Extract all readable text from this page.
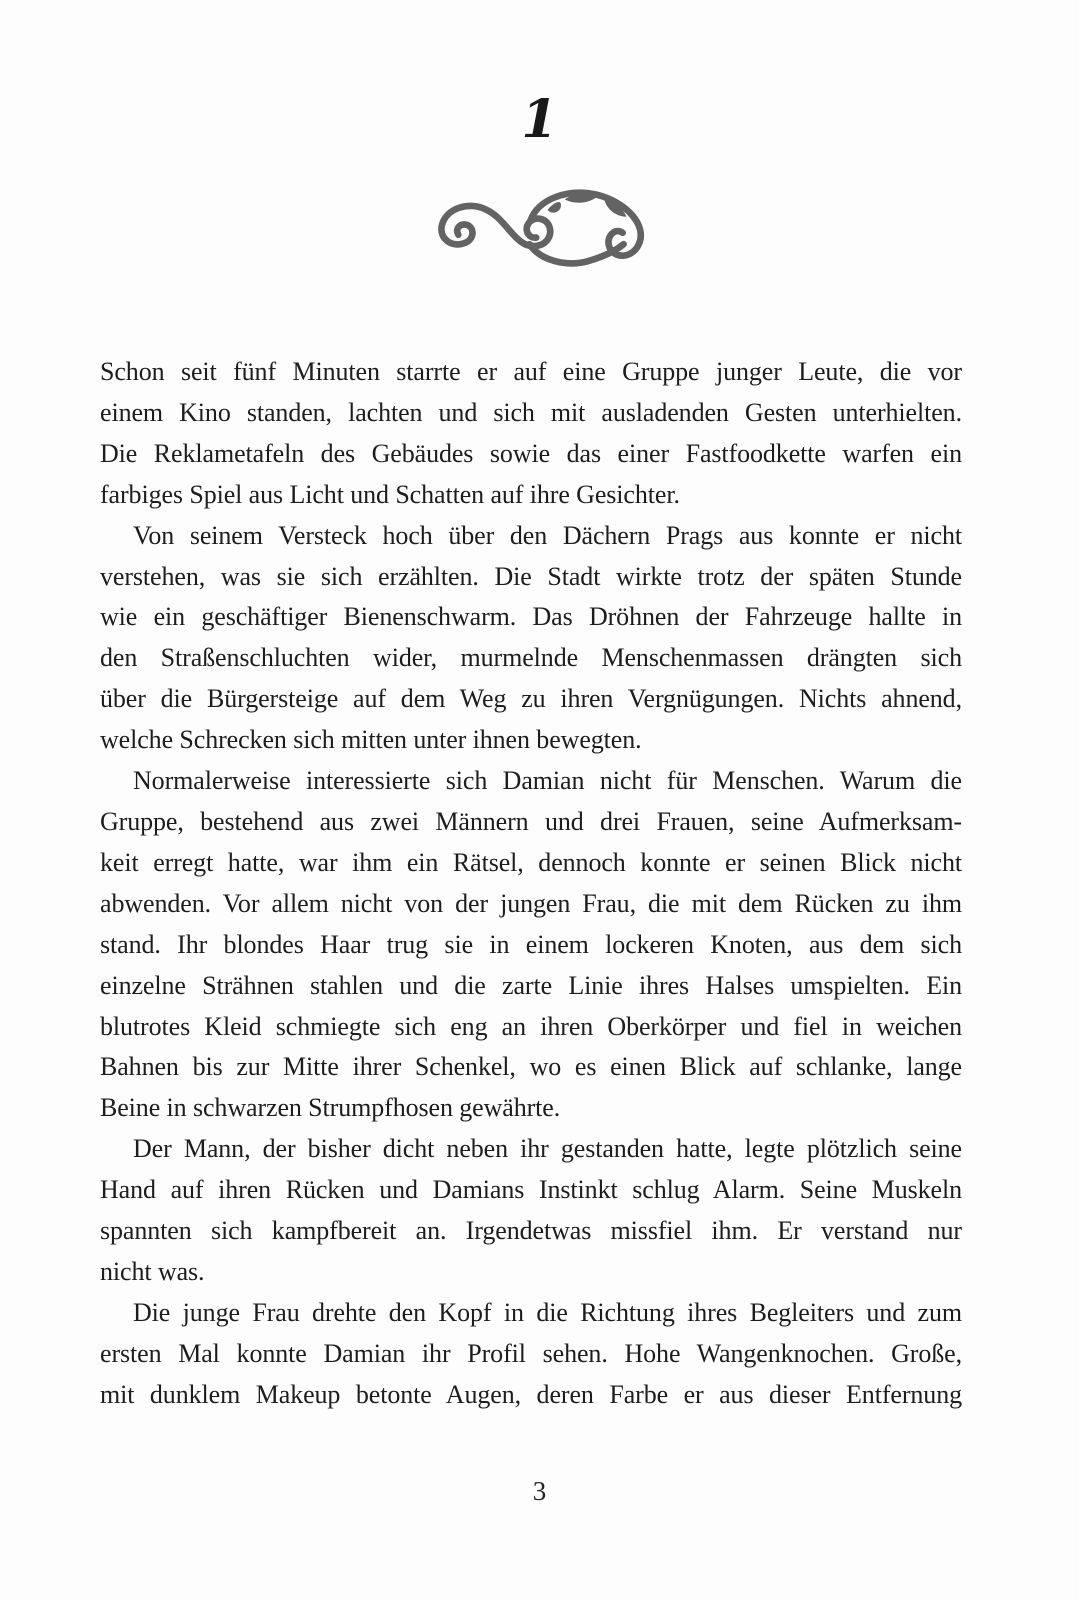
1
Schon seit fünf Minuten starrte er auf eine Gruppe junger Leute, die vor
einem Kino standen, lachten und sich mit ausladenden Gesten unterhielten.
Die Reklametafeln des Gebäudes sowie das einer Fastfoodkette warfen ein
farbiges Spiel aus Licht und Schatten auf ihre Gesichter.
Von seinem Versteck hoch über den Dächern Prags aus konnte er nicht
verstehen, was sie sich erzählten. Die Stadt wirkte trotz der späten Stunde
wie ein geschäftiger Bienenschwarm. Das Dröhnen der Fahrzeuge hallte in
den Straßenschluchten wider, murmelnde Menschenmassen drängten sich
über die Bürgersteige auf dem Weg zu ihren Vergnügungen. Nichts ahnend,
welche Schrecken sich mitten unter ihnen bewegten.
Normalerweise interessierte sich Damian nicht für Menschen. Warum die
Gruppe, bestehend aus zwei Männern und drei Frauen, seine Aufmerksam-
keit erregt hatte, war ihm ein Rätsel, dennoch konnte er seinen Blick nicht
abwenden. Vor allem nicht von der jungen Frau, die mit dem Rücken zu ihm
stand. Ihr blondes Haar trug sie in einem lockeren Knoten, aus dem sich
einzelne Strähnen stahlen und die zarte Linie ihres Halses umspielten. Ein
blutrotes Kleid schmiegte sich eng an ihren Oberkörper und fiel in weichen
Bahnen bis zur Mitte ihrer Schenkel, wo es einen Blick auf schlanke, lange
Beine in schwarzen Strumpfhosen gewährte.
Der Mann, der bisher dicht neben ihr gestanden hatte, legte plötzlich seine
Hand auf ihren Rücken und Damians Instinkt schlug Alarm. Seine Muskeln
spannten sich kampfbereit an. Irgendetwas missfiel ihm. Er verstand nur
nicht was.
Die junge Frau drehte den Kopf in die Richtung ihres Begleiters und zum
ersten Mal konnte Damian ihr Profil sehen. Hohe Wangenknochen. Große,
mit dunklem Makeup betonte Augen, deren Farbe er aus dieser Entfernung
3
